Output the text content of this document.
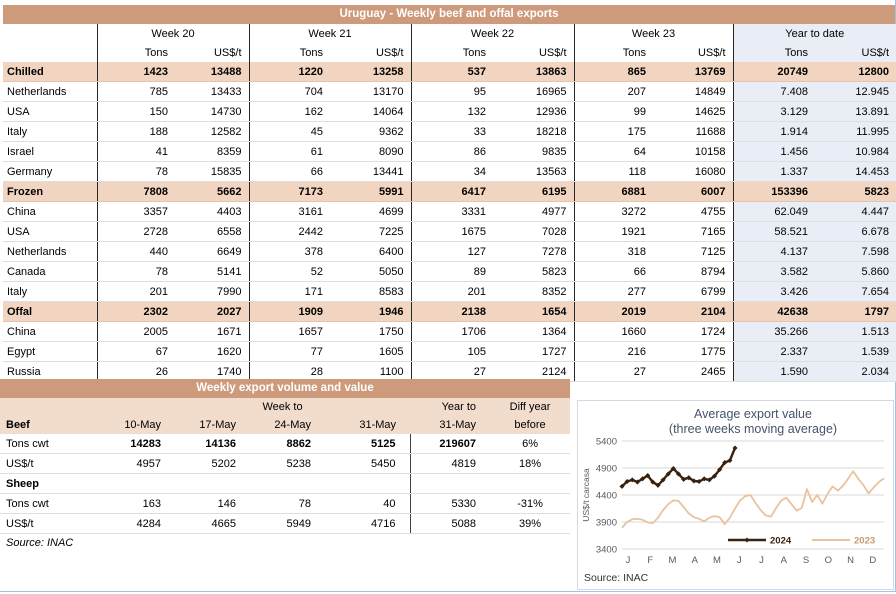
Uruguay - Weekly beef and offal exports
	Week 20		Week 21		Week 22		Week 23		Year to date	
	Tons	US$/t	Tons	US$/t	Tons	US$/t	Tons	US$/t	Tons	US$/t
Chilled	1423	13488	1220	13258	537	13863	865	13769	20749	12800
Netherlands	785	13433	704	13170	95	16965	207	14849	7.408	12.945
USA	150	14730	162	14064	132	12936	99	14625	3.129	13.891
Italy	188	12582	45	9362	33	18218	175	11688	1.914	11.995
Israel	41	8359	61	8090	86	9835	64	10158	1.456	10.984
Germany	78	15835	66	13441	34	13563	118	16080	1.337	14.453
Frozen	7808	5662	7173	5991	6417	6195	6881	6007	153396	5823
China	3357	4403	3161	4699	3331	4977	3272	4755	62.049	4.447
USA	2728	6558	2442	7225	1675	7028	1921	7165	58.521	6.678
Netherlands	440	6649	378	6400	127	7278	318	7125	4.137	7.598
Canada	78	5141	52	5050	89	5823	66	8794	3.582	5.860
Italy	201	7990	171	8583	201	8352	277	6799	3.426	7.654
Offal	2302	2027	1909	1946	2138	1654	2019	2104	42638	1797
China	2005	1671	1657	1750	1706	1364	1660	1724	35.266	1.513
Egypt	67	1620	77	1605	105	1727	216	1775	2.337	1.539
Russia	26	1740	28	1100	27	2124	27	2465	1.590	2.034
Weekly export volume and value
	Week to				Year to	Diff year
Beef	10-May	17-May	24-May	31-May	31-May	before
Tons cwt	14283	14136	8862	5125	219607	6%
US$/t	4957	5202	5238	5450	4819	18%
Sheep						
Tons cwt	163	146	78	40	5330	-31%
US$/t	4284	4665	5949	4716	5088	39%
Source: INAC
Average export value
(three weeks moving average)
5400
4900
4400
3900
3400
US$/t carcasa
J F M A M J J A S O N D
2024	2023
Source: INAC
